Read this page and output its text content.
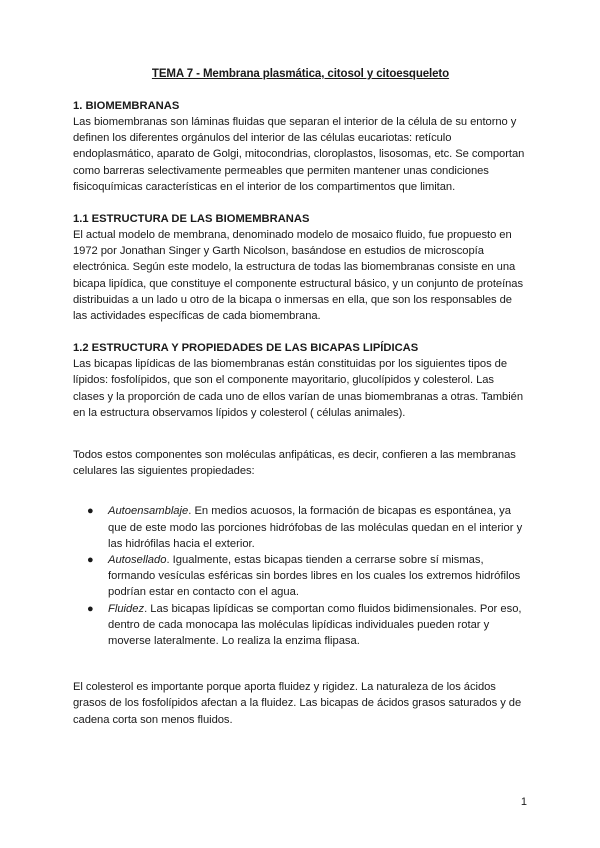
TEMA 7 - Membrana plasmática, citosol y citoesqueleto
1. BIOMEMBRANAS

Las biomembranas son láminas fluidas que separan el interior de la célula de su entorno y definen los diferentes orgánulos del interior de las células eucariotas: retículo endoplasmático, aparato de Golgi, mitocondrias, cloroplastos, lisosomas, etc. Se comportan como barreras selectivamente permeables que permiten mantener unas condiciones fisicoquímicas características en el interior de los compartimentos que limitan.

1.1 ESTRUCTURA DE LAS BIOMEMBRANAS

El actual modelo de membrana, denominado modelo de mosaico fluido, fue propuesto en 1972 por Jonathan Singer y Garth Nicolson, basándose en estudios de microscopía electrónica. Según este modelo, la estructura de todas las biomembranas consiste en una bicapa lipídica, que constituye el componente estructural básico, y un conjunto de proteínas distribuidas a un lado u otro de la bicapa o inmersas en ella, que son los responsables de las actividades específicas de cada biomembrana.

1.2 ESTRUCTURA Y PROPIEDADES DE LAS BICAPAS LIPÍDICAS

Las bicapas lipídicas de las biomembranas están constituidas por los siguientes tipos de lípidos: fosfolípidos, que son el componente mayoritario, glucolípidos y colesterol. Las clases y la proporción de cada uno de ellos varían de unas biomembranas a otras. También en la estructura observamos lípidos y colesterol ( células animales).

Todos estos componentes son moléculas anfipáticas, es decir, confieren a las membranas celulares las siguientes propiedades:

● Autoensamblaje. En medios acuosos, la formación de bicapas es espontánea, ya que de este modo las porciones hidrófobas de las moléculas quedan en el interior y las hidrófilas hacia el exterior.
● Autosellado. Igualmente, estas bicapas tienden a cerrarse sobre sí mismas, formando vesículas esféricas sin bordes libres en los cuales los extremos hidrófilos podrían estar en contacto con el agua.
● Fluidez. Las bicapas lipídicas se comportan como fluidos bidimensionales. Por eso, dentro de cada monocapa las moléculas lipídicas individuales pueden rotar y moverse lateralmente. Lo realiza la enzima flipasa.

El colesterol es importante porque aporta fluidez y rigidez. La naturaleza de los ácidos grasos de los fosfolípidos afectan a la fluidez. Las bicapas de ácidos grasos saturados y de cadena corta son menos fluidos.

1
